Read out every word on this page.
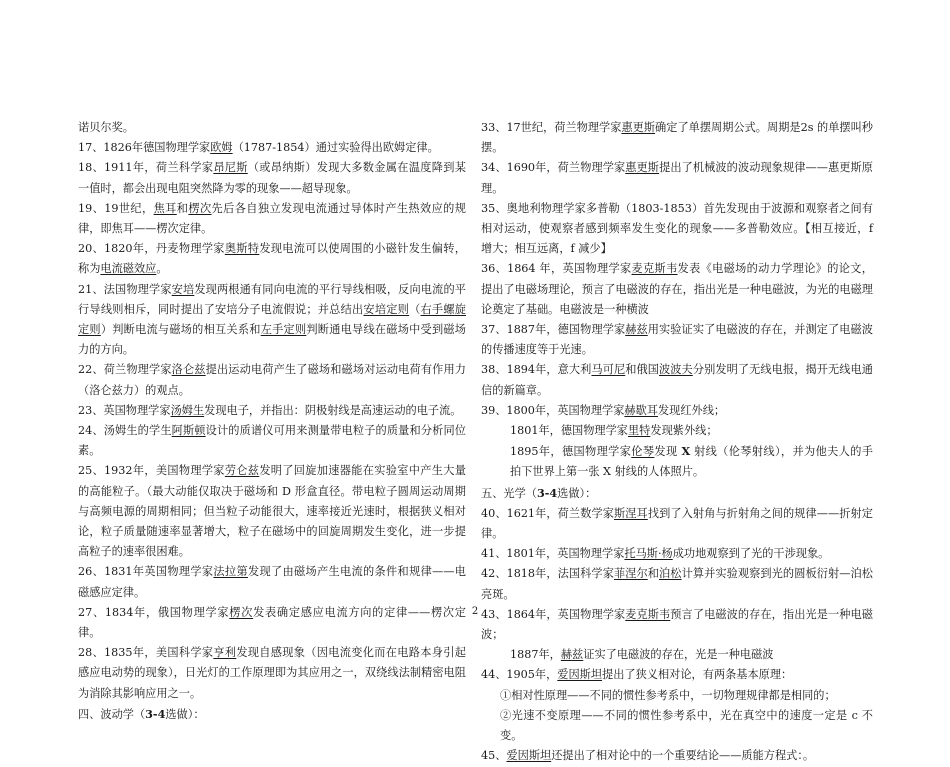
诺贝尔奖。

17、1826年德国物理学家欧姆（1787-1854）通过实验得出欧姆定律。

18、1911年，荷兰科学家昂尼斯（或昂纳斯）发现大多数金属在温度降到某一值时，都会出现电阻突然降为零的现象——超导现象。

19、19世纪，焦耳和楞次先后各自独立发现电流通过导体时产生热效应的规律，即焦耳——楞次定律。

20、1820年，丹麦物理学家奥斯特发现电流可以使周围的小磁针发生偏转，称为电流磁效应。

21、法国物理学家安培发现两根通有同向电流的平行导线相吸，反向电流的平行导线则相斥，同时提出了安培分子电流假说；并总结出安培定则（右手螺旋定则）判断电流与磁场的相互关系和左手定则判断通电导线在磁场中受到磁场力的方向。

22、荷兰物理学家洛仑兹提出运动电荷产生了磁场和磁场对运动电荷有作用力（洛仑兹力）的观点。

23、英国物理学家汤姆生发现电子，并指出：阴极射线是高速运动的电子流。

24、汤姆生的学生阿斯顿设计的质谱仪可用来测量带电粒子的质量和分析同位素。

25、1932年，美国物理学家劳仑兹发明了回旋加速器能在实验室中产生大量的高能粒子。（最大动能仅取决于磁场和 D 形盒直径。带电粒子圆周运动周期与高频电源的周期相同；但当粒子动能很大，速率接近光速时，根据狭义相对论，粒子质量随速率显著增大，粒子在磁场中的回旋周期发生变化，进一步提高粒子的速率很困难。

26、1831年英国物理学家法拉第发现了由磁场产生电流的条件和规律——电磁感应定律。

27、1834年，俄国物理学家楞次发表确定感应电流方向的定律——楞次定律。

28、1835年，美国科学家亨利发现自感现象（因电流变化而在电路本身引起感应电动势的现象），日光灯的工作原理即为其应用之一，双绕线法制精密电阻为消除其影响应用之一。

四、波动学（3-4选做）：

33、17世纪，荷兰物理学家惠更斯确定了单摆周期公式。周期是2s 的单摆叫秒摆。

34、1690年，荷兰物理学家惠更斯提出了机械波的波动现象规律——惠更斯原理。

35、奥地利物理学家多普勒（1803-1853）首先发现由于波源和观察者之间有相对运动，使观察者感到频率发生变化的现象——多普勒效应。【相互接近，f 增大；相互远离，f 减少】

36、1864 年，英国物理学家麦克斯韦发表《电磁场的动力学理论》的论文，提出了电磁场理论，预言了电磁波的存在，指出光是一种电磁波，为光的电磁理论奠定了基础。电磁波是一种横波

37、1887年，德国物理学家赫兹用实验证实了电磁波的存在，并测定了电磁波的传播速度等于光速。

38、1894年，意大利马可尼和俄国波波夫分别发明了无线电报，揭开无线电通信的新篇章。

39、1800年，英国物理学家赫歇耳发现红外线；

1801年，德国物理学家里特发现紫外线；

1895年，德国物理学家伦琴发现 X 射线（伦琴射线），并为他夫人的手拍下世界上第一张 X 射线的人体照片。

五、光学（3-4选做）：

40、1621年，荷兰数学家斯涅耳找到了入射角与折射角之间的规律——折射定律。

41、1801年，英国物理学家托马斯·杨成功地观察到了光的干涉现象。

42、1818年，法国科学家菲涅尔和泊松计算并实验观察到光的圆板衍射—泊松亮斑。

43、1864年，英国物理学家麦克斯韦预言了电磁波的存在，指出光是一种电磁波；

1887年，赫兹证实了电磁波的存在，光是一种电磁波

44、1905年，爱因斯坦提出了狭义相对论，有两条基本原理：

①相对性原理——不同的惯性参考系中，一切物理规律都是相同的；

②光速不变原理——不同的惯性参考系中，光在真空中的速度一定是 c 不变。

45、爱因斯坦还提出了相对论中的一个重要结论——质能方程式：。

2
